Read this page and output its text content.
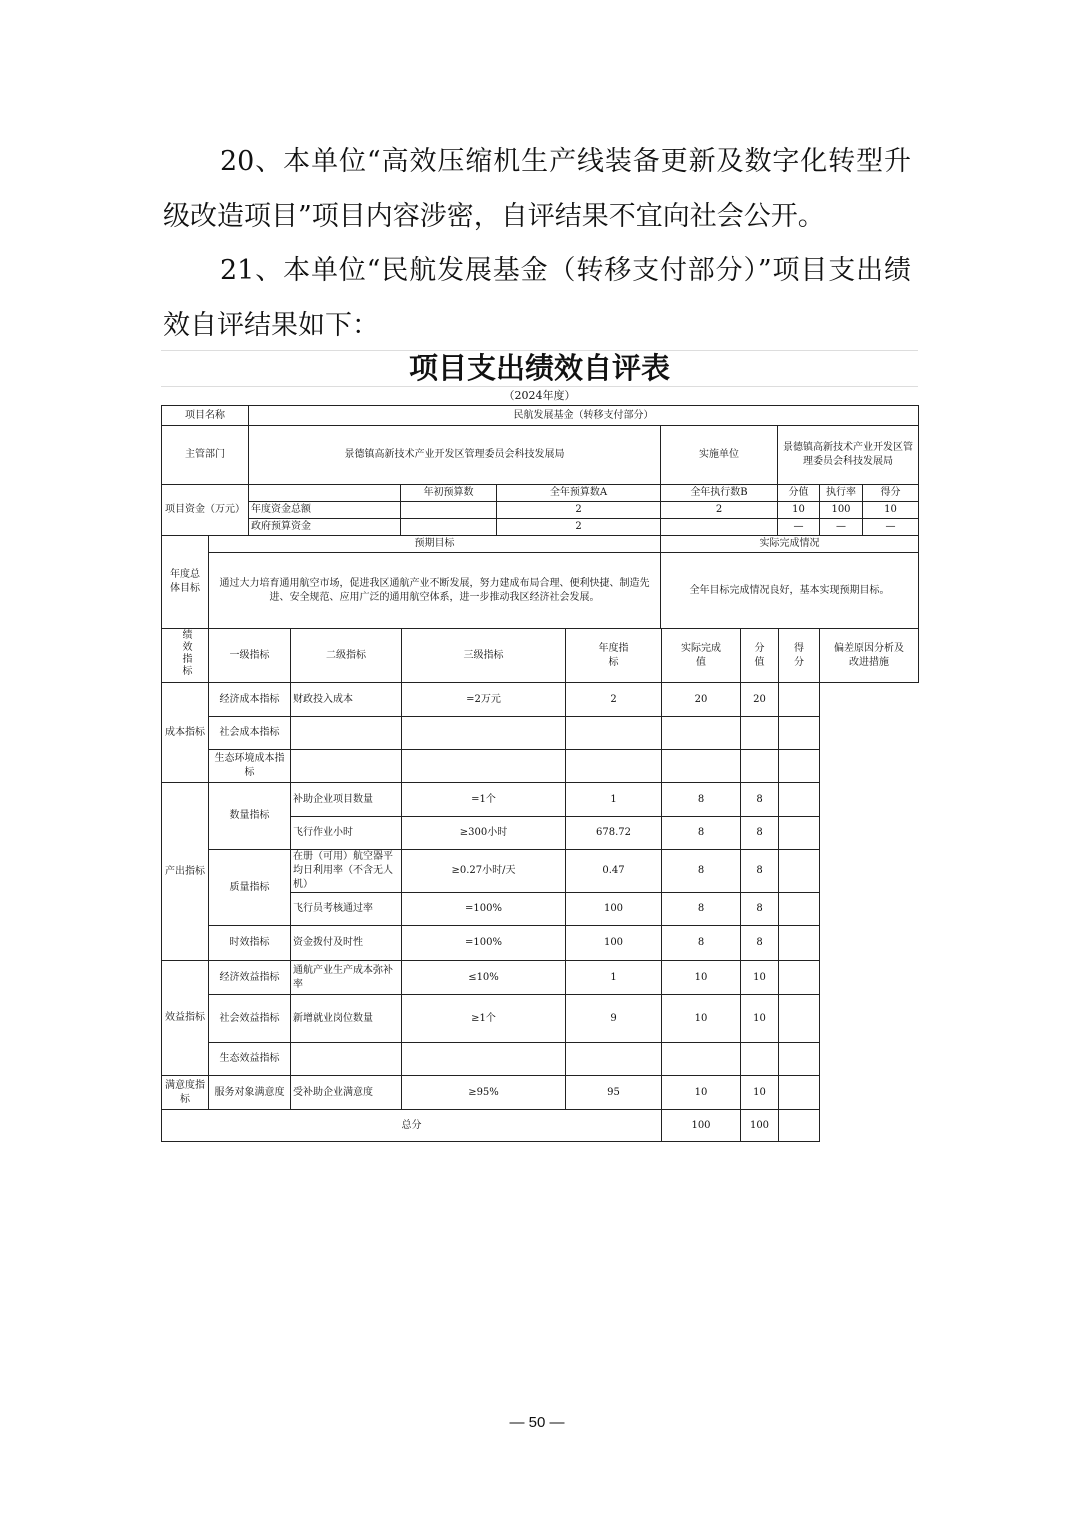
20、本单位“高效压缩机生产线装备更新及数字化转型升级改造项目”项目内容涉密，自评结果不宜向社会公开。
21、本单位“民航发展基金（转移支付部分）”项目支出绩效自评结果如下：
项目支出绩效自评表
（2024年度）
项目名称		民航发展基金（转移支付部分）						
主管部门		景德镇高新技术产业开发区管理委员会科技发展局			实施单位	景德镇高新技术产业开发区管理委员会科技发展局		
项目资金（万元）			年初预算数	全年预算数A	全年执行数B	分值	执行率	得分
		年度资金总额		2	2	10	100	10
		政府预算资金		2		—	—	—
年度总体目标	预期目标				实际完成情况			
	通过大力培育通用航空市场，促进我区通航产业不断发展，努力建成布局合理、便利快捷、制造先进、安全规范、应用广泛的通用航空体系，进一步推动我区经济社会发展。				全年目标完成情况良好，基本实现预期目标。			
绩效指标	一级指标	二级指标	三级指标	年度指标	实际完成值	分值	得分	偏差原因分析及改进措施
成本指标	经济成本指标	财政投入成本	=2万元	2	20	20		
	社会成本指标							
	生态环境成本指标							
产出指标	数量指标	补助企业项目数量	=1个	1	8	8		
		飞行作业小时	≥300小时	678.72	8	8		
	质量指标	在册（可用）航空器平均日利用率（不含无人机）	≥0.27小时/天	0.47	8	8		
		飞行员考核通过率	=100%	100	8	8		
	时效指标	资金拨付及时性	=100%	100	8	8		
效益指标	经济效益指标	通航产业生产成本弥补率	≤10%	1	10	10		
	社会效益指标	新增就业岗位数量	≥1个	9	10	10		
	生态效益指标							
满意度指标	服务对象满意度	受补助企业满意度	≥95%	95	10	10		
总分					100	100		
— 50 —
